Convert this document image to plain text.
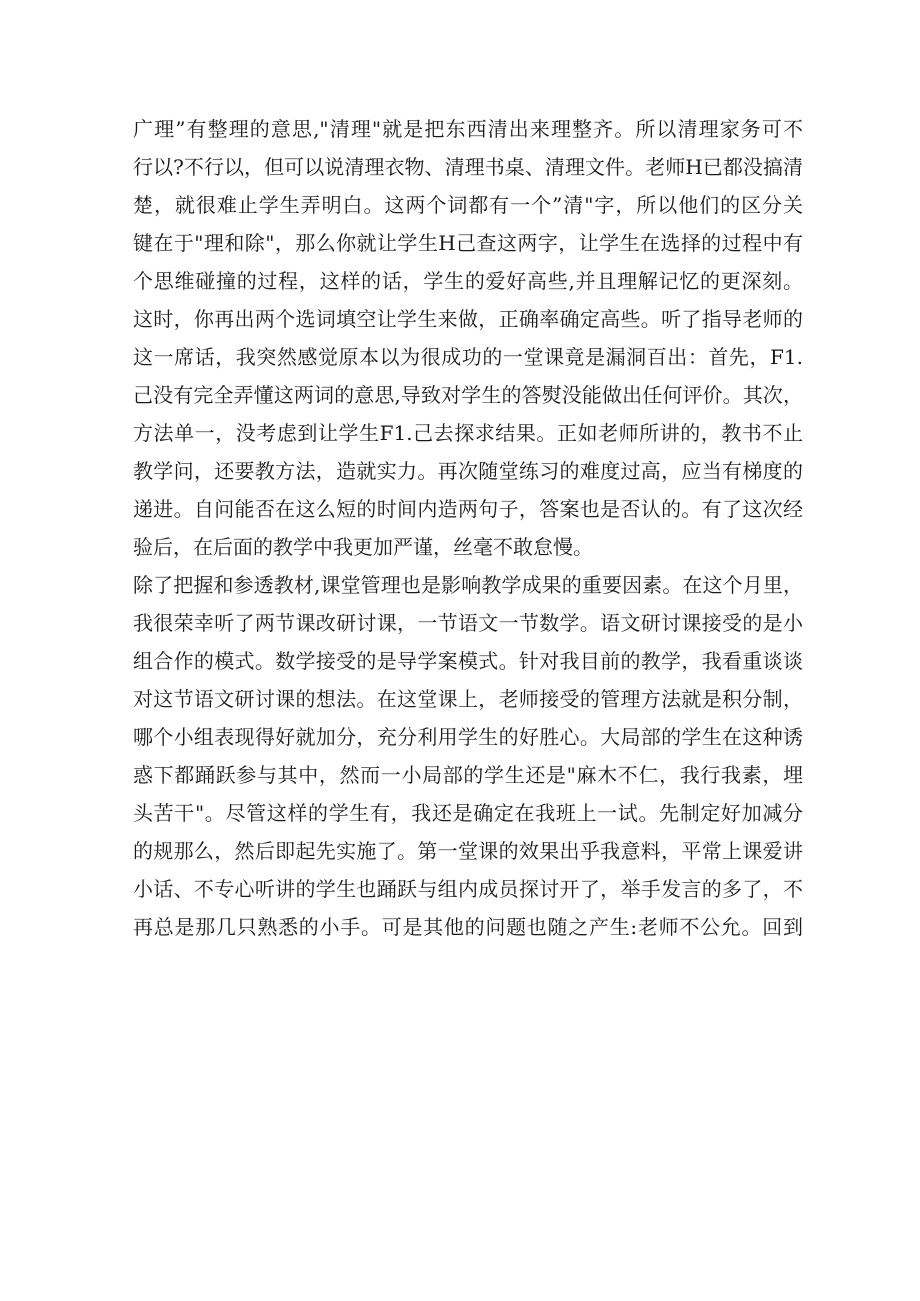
广理”有整理的意思,"清理"就是把东西清出来理整齐。所以清理家务可不
行以?不行以，但可以说清理衣物、清理书桌、清理文件。老师H已都没搞清
楚，就很难止学生弄明白。这两个词都有一个”清"字，所以他们的区分关
键在于"理和除"，那么你就让学生H己查这两字，让学生在选择的过程中有
个思维碰撞的过程，这样的话，学生的爱好高些,并且理解记忆的更深刻。
这时，你再出两个选词填空让学生来做，正确率确定高些。听了指导老师的
这一席话，我突然感觉原本以为很成功的一堂课竟是漏洞百出：首先，F1.
己没有完全弄懂这两词的意思,导致对学生的答熨没能做出任何评价。其次，
方法单一，没考虑到让学生F1.己去探求结果。正如老师所讲的，教书不止
教学问，还要教方法，造就实力。再次随堂练习的难度过高，应当有梯度的
递进。自问能否在这么短的时间内造两句子，答案也是否认的。有了这次经
验后，在后面的教学中我更加严谨，丝毫不敢怠慢。
除了把握和参透教材,课堂管理也是影响教学成果的重要因素。在这个月里，
我很荣幸听了两节课改研讨课，一节语文一节数学。语文研讨课接受的是小
组合作的模式。数学接受的是导学案模式。针对我目前的教学，我看重谈谈
对这节语文研讨课的想法。在这堂课上，老师接受的管理方法就是积分制，
哪个小组表现得好就加分，充分利用学生的好胜心。大局部的学生在这种诱
惑下都踊跃参与其中，然而一小局部的学生还是"麻木不仁，我行我素，埋
头苦干"。尽管这样的学生有，我还是确定在我班上一试。先制定好加减分
的规那么，然后即起先实施了。第一堂课的效果出乎我意料，平常上课爱讲
小话、不专心听讲的学生也踊跃与组内成员探讨开了，举手发言的多了，不
再总是那几只熟悉的小手。可是其他的问题也随之产生:老师不公允。回到
